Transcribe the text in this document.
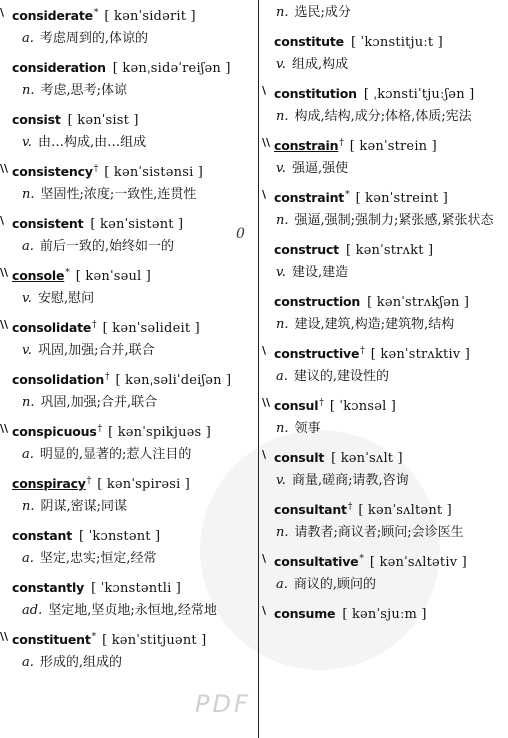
PDF
0
\ considerate* [ kənˈsidərit ]
a. 考虑周到的,体谅的
consideration [ kənˌsidəˈreiʃən ]
n. 考虑,思考;体谅
consist [ kənˈsist ]
v. 由…构成,由…组成
\\ consistency† [ kənˈsistənsi ]
n. 坚固性;浓度;一致性,连贯性
\ consistent [ kənˈsistənt ]
a. 前后一致的,始终如一的
\\ console* [ kənˈsəul ]
v. 安慰,慰问
\\ consolidate† [ kənˈsəlideit ]
v. 巩固,加强;合并,联合
consolidation† [ kənˌsəliˈdeiʃən ]
n. 巩固,加强;合并,联合
\\ conspicuous† [ kənˈspikjuəs ]
a. 明显的,显著的;惹人注目的
conspiracy† [ kənˈspirəsi ]
n. 阴谋,密谋;同谋
constant [ ˈkɔnstənt ]
a. 坚定,忠实;恒定,经常
constantly [ ˈkɔnstəntli ]
ad. 坚定地,坚贞地;永恒地,经常地
\\ constituent* [ kənˈstitjuənt ]
a. 形成的,组成的
n. 选民;成分
constitute [ ˈkɔnstitjuːt ]
v. 组成,构成
\ constitution [ ˌkɔnstiˈtjuːʃən ]
n. 构成,结构,成分;体格,体质;宪法
\\ constrain† [ kənˈstrein ]
v. 强逼,强使
\ constraint* [ kənˈstreint ]
n. 强逼,强制;强制力;紧张感,紧张状态
construct [ kənˈstrʌkt ]
v. 建设,建造
construction [ kənˈstrʌkʃən ]
n. 建设,建筑,构造;建筑物,结构
\ constructive† [ kənˈstrʌktiv ]
a. 建议的,建设性的
\\ consul† [ ˈkɔnsəl ]
n. 领事
\ consult [ kənˈsʌlt ]
v. 商量,磋商;请教,咨询
consultant† [ kənˈsʌltənt ]
n. 请教者;商议者;顾问;会诊医生
\ consultative* [ kənˈsʌltətiv ]
a. 商议的,顾问的
\ consume [ kənˈsjuːm ]
